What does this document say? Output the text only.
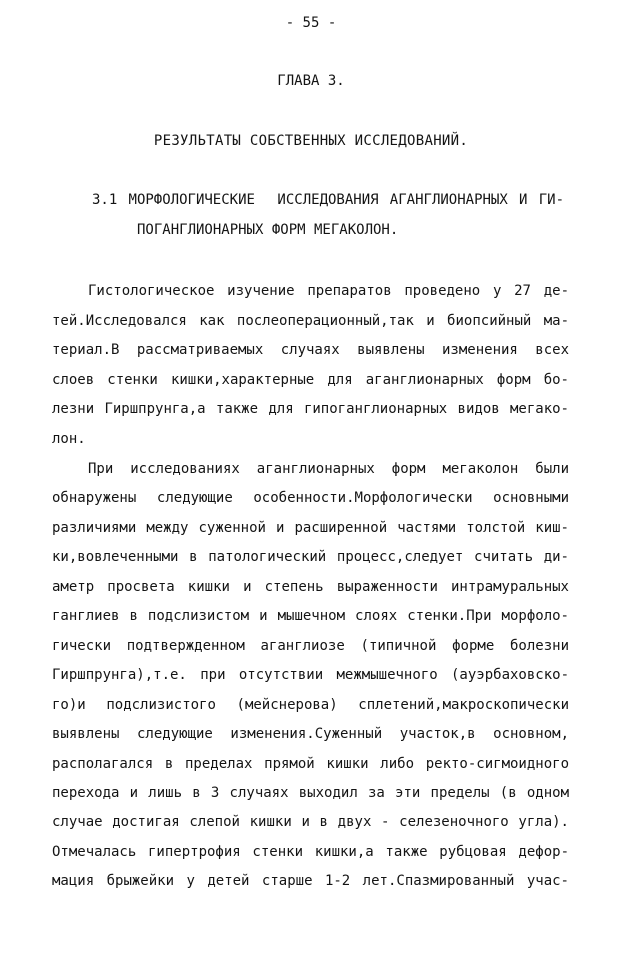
- 55 -
ГЛАВА 3.
РЕЗУЛЬТАТЫ СОБСТВЕННЫХ ИССЛЕДОВАНИЙ.
3.1 МОРФОЛОГИЧЕСКИЕ  ИССЛЕДОВАНИЯ АГАНГЛИОНАРНЫХ И ГИ-
ПОГАНГЛИОНАРНЫХ ФОРМ МЕГАКОЛОН.
Гистологическое изучение препаратов проведено у 27 де-
тей.Исследовался как послеоперационный,так и биопсийный ма-
териал.В рассматриваемых случаях выявлены изменения всех
слоев стенки кишки,характерные для аганглионарных форм бо-
лезни Гиршпрунга,а также для гипоганглионарных видов мегако-
лон.
При исследованиях аганглионарных форм мегаколон были
обнаружены следующие особенности.Морфологически основными
различиями между суженной и расширенной частями толстой киш-
ки,вовлеченными в патологический процесс,следует считать ди-
аметр просвета кишки и степень выраженности интрамуральных
ганглиев в подслизистом и мышечном слоях стенки.При морфоло-
гически подтвержденном аганглиозе (типичной форме болезни
Гиршпрунга),т.е. при отсутствии межмышечного (ауэрбаховско-
го)и подслизистого (мейснерова) сплетений,макроскопически
выявлены следующие изменения.Суженный участок,в основном,
располагался в пределах прямой кишки либо ректо-сигмоидного
перехода и лишь в 3 случаях выходил за эти пределы (в одном
случае достигая слепой кишки и в двух - селезеночного угла).
Отмечалась гипертрофия стенки кишки,а также рубцовая дефор-
мация брыжейки у детей старше 1-2 лет.Спазмированный учас-
